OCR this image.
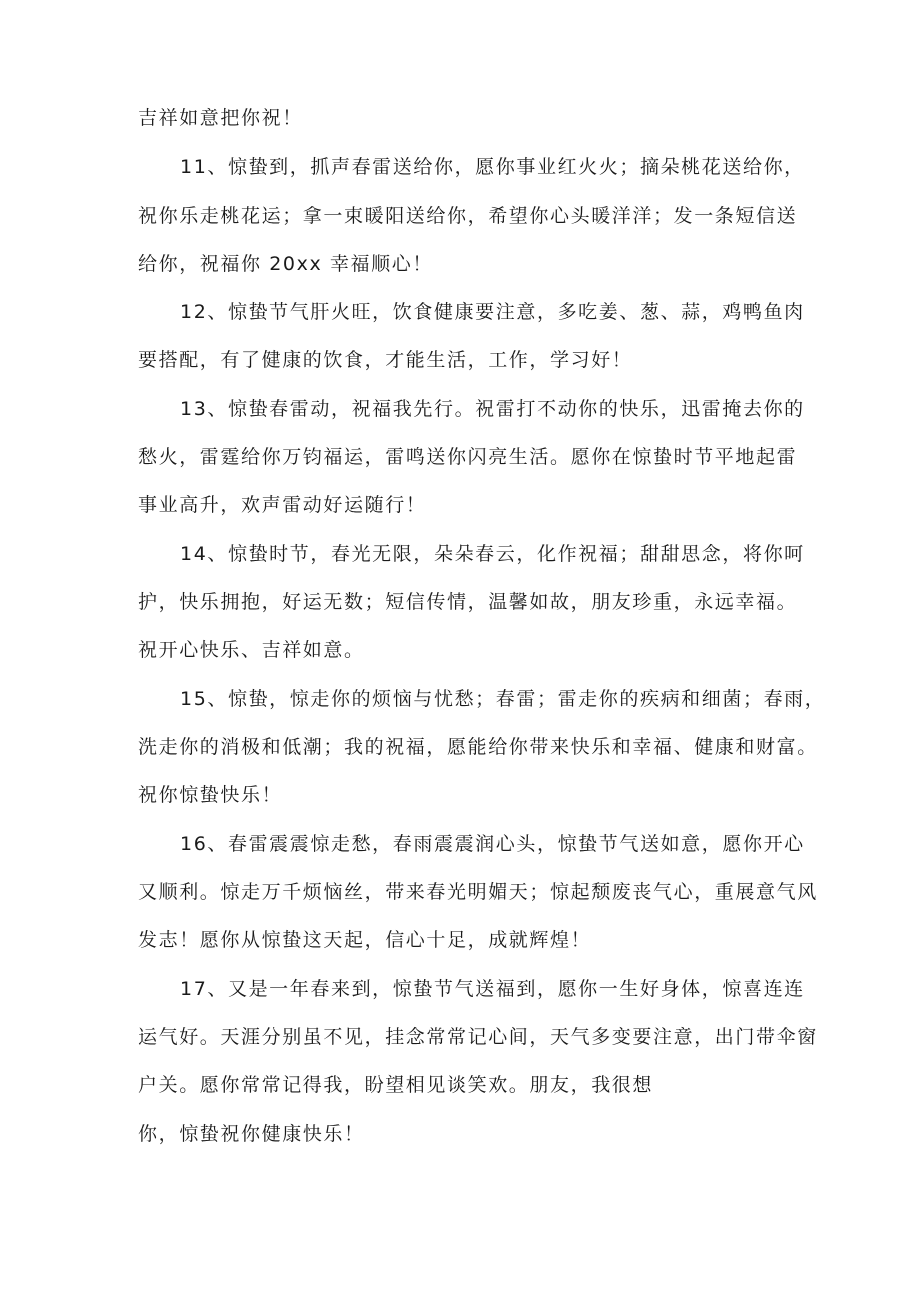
吉祥如意把你祝！
11、惊蛰到，抓声春雷送给你，愿你事业红火火；摘朵桃花送给你，
祝你乐走桃花运；拿一束暖阳送给你，希望你心头暖洋洋；发一条短信送
给你，祝福你 20xx 幸福顺心！
12、惊蛰节气肝火旺，饮食健康要注意，多吃姜、葱、蒜，鸡鸭鱼肉
要搭配，有了健康的饮食，才能生活，工作，学习好！
13、惊蛰春雷动，祝福我先行。祝雷打不动你的快乐，迅雷掩去你的
愁火，雷霆给你万钧福运，雷鸣送你闪亮生活。愿你在惊蛰时节平地起雷
事业高升，欢声雷动好运随行！
14、惊蛰时节，春光无限，朵朵春云，化作祝福；甜甜思念，将你呵
护，快乐拥抱，好运无数；短信传情，温馨如故，朋友珍重，永远幸福。
祝开心快乐、吉祥如意。
15、惊蛰，惊走你的烦恼与忧愁；春雷；雷走你的疾病和细菌；春雨，
洗走你的消极和低潮；我的祝福，愿能给你带来快乐和幸福、健康和财富。
祝你惊蛰快乐！
16、春雷震震惊走愁，春雨震震润心头，惊蛰节气送如意，愿你开心
又顺利。惊走万千烦恼丝，带来春光明媚天；惊起颓废丧气心，重展意气风
发志！愿你从惊蛰这天起，信心十足，成就辉煌！
17、又是一年春来到，惊蛰节气送福到，愿你一生好身体，惊喜连连
运气好。天涯分别虽不见，挂念常常记心间，天气多变要注意，出门带伞窗
户关。愿你常常记得我，盼望相见谈笑欢。朋友，我很想
你，惊蛰祝你健康快乐！
